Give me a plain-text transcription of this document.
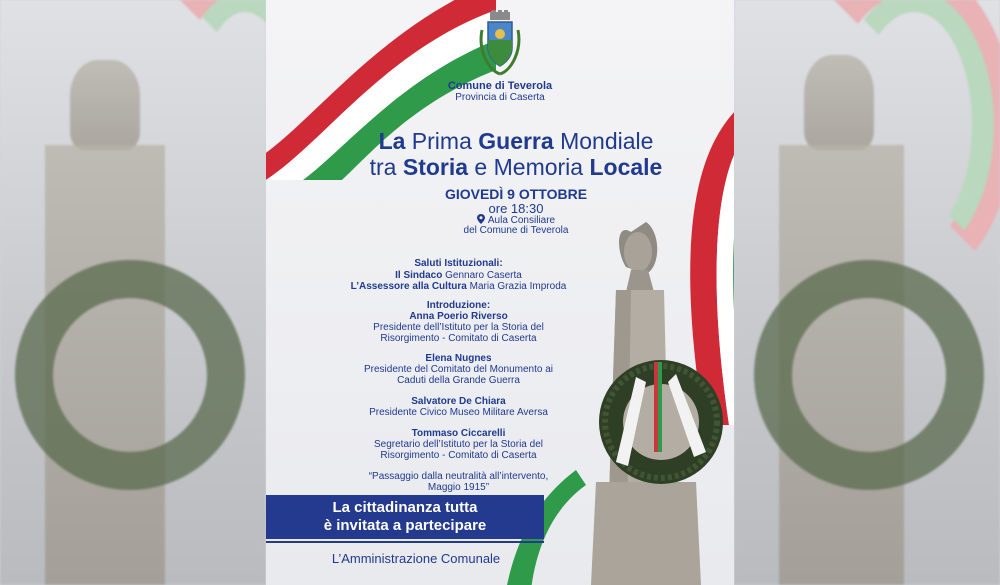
Comune di Teverola
Provincia di Caserta
La Prima Guerra Mondiale
tra Storia e Memoria Locale
GIOVEDÌ 9 OTTOBRE
ore 18:30
Aula Consiliare
del Comune di Teverola
Saluti Istituzionali:
Il Sindaco Gennaro Caserta
L’Assessore alla Cultura Maria Grazia Improda
Introduzione:
Anna Poerio Riverso
Presidente dell’Istituto per la Storia del
Risorgimento - Comitato di Caserta
Elena Nugnes
Presidente del Comitato del Monumento ai
Caduti della Grande Guerra
Salvatore De Chiara
Presidente Civico Museo Militare Aversa
Tommaso Ciccarelli
Segretario dell’Istituto per la Storia del
Risorgimento - Comitato di Caserta
“Passaggio dalla neutralità all’intervento,
Maggio 1915”
La cittadinanza tutta
è invitata a partecipare
L’Amministrazione Comunale
